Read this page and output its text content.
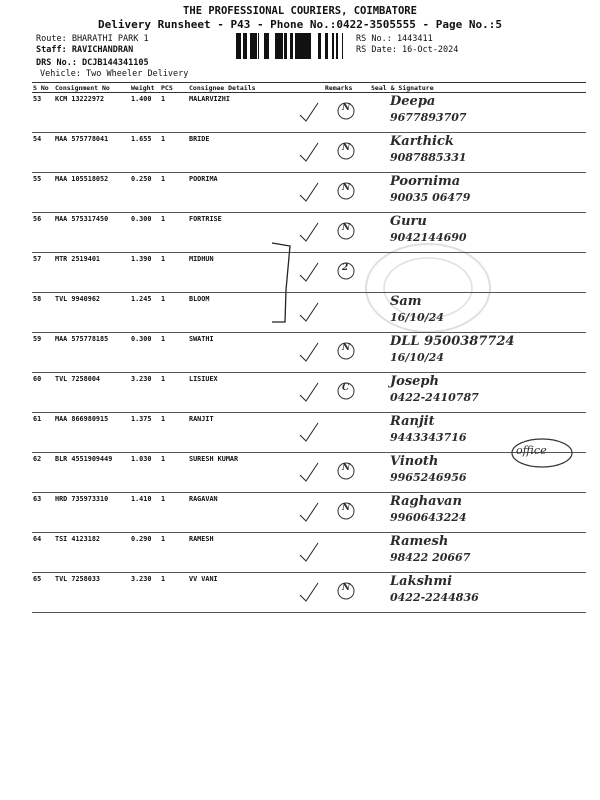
THE PROFESSIONAL COURIERS, COIMBATORE
Delivery Runsheet - P43 - Phone No.:0422-3505555 - Page No.:5
Route: BHARATHI PARK 1
Staff: RAVICHANDRAN
DRS No.: DCJB144341105
Vehicle: Two Wheeler Delivery
RS No.: 1443411
RS Date: 16-Oct-2024
S No	Consignment No	Weight	PCS	Consignee Details	Remarks	Seal & Signature
53	KCM 13222972	1.400	1	MALARVIZHI	N	Deepa
9677893707

54	MAA 575778041	1.655	1	BRIDE	N	Karthick
9087885331

55	MAA 105518052	0.250	1	POORIMA	N	Poornima
90035 06479

56	MAA 575317450	0.300	1	FORTRISE	N	Guru
9042144690

57	MTR 2519401	1.390	1	MIDHUN	2	

58	TVL 9940962	1.245	1	BLOOM		Sam
16/10/24

59	MAA 575778185	0.300	1	SWATHI	N	DLL 9500387724
16/10/24

60	TVL 7258004	3.230	1	LISIUEX	C	Joseph
0422-2410787

61	MAA 866980915	1.375	1	RANJIT		Ranjit
9443343716

62	BLR 4551909449	1.030	1	SURESH KUMAR	N	Vinoth
9965246956

63	HRD 735973310	1.410	1	RAGAVAN	N	Raghavan
9960643224

64	TSI 4123182	0.290	1	RAMESH		Ramesh
98422 20667

65	TVL 7258033	3.230	1	VV VANI	N	Lakshmi
0422-2244836
office
